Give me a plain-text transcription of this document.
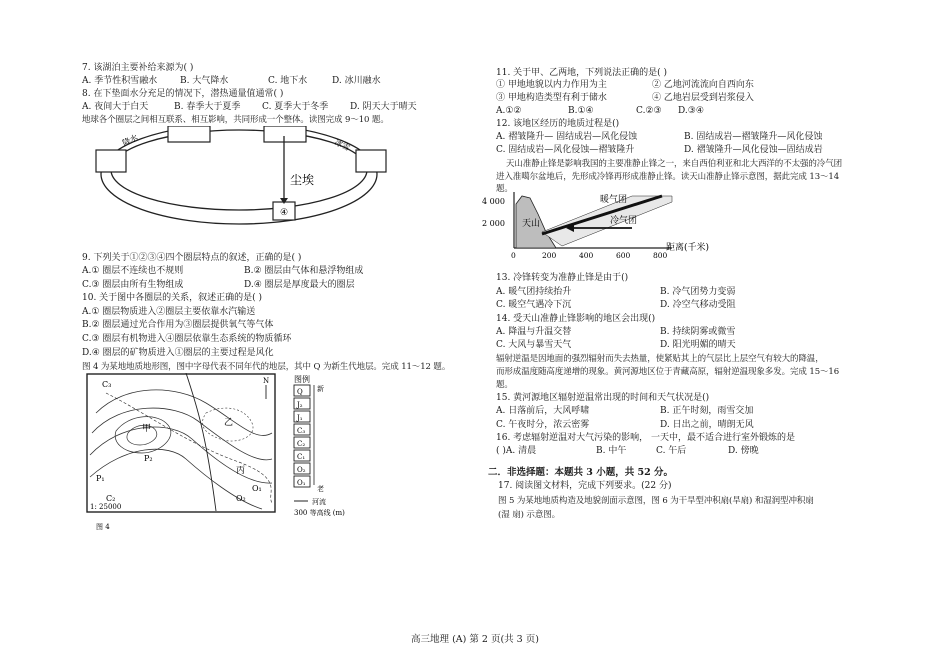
7. 该湖泊主要补给来源为( )
A. 季节性积雪融水	B. 大气降水	C. 地下水	D. 冰川融水
8. 在下垫面水分充足的情况下，潜热通量值通常( )
A. 夜间大于白天	B. 春季大于夏季 C. 夏季大于冬季 D. 阴天大于晴天
地球各个圈层之间相互联系、相互影响，共同形成一个整体。读图完成 9～10 题。
尘埃
④
降水	冰雪
9. 下列关于①②③④四个圈层特点的叙述，正确的是( )
A.① 圈层不连续也不规则	B.② 圈层由气体和悬浮物组成
C.③ 圈层由所有生物组成	D.④ 圈层是厚度最大的圈层
10. 关于图中各圈层的关系，叙述正确的是( )
A.① 圈层物质进入②圈层主要依靠水汽输送
B.② 圈层通过光合作用为③圈层提供氧气等气体
C.③ 圈层有机物进入④圈层依靠生态系统的物质循环
D.④ 圈层的矿物质进入①圈层的主要过程是风化
图 4 为某地地质地形图，图中字母代表不同年代的地层，其中 Q 为新生代地层。完成 11～12 题。
C₃
甲
乙
丙
P₁
P₂
C₂	O₂
O₁
1: 25000
N
图 4
图例
Q
J₂
J₁
C₃
C₂
C₁
O₂
O₁
新
老
河流
300 等高线 (m)
11. 关于甲、乙两地，下列说法正确的是( )
① 甲地地貌以内力作用为主	② 乙地河流流向自西向东
③ 甲地构造类型有利于储水	④ 乙地岩层受到岩浆侵入
A.①②	B.①④	C.②③ D.③④
12. 该地区经历的地质过程是()
A. 褶皱隆升— 固结成岩—风化侵蚀	B. 固结成岩—褶皱隆升—风化侵蚀
C. 固结成岩—风化侵蚀—褶皱隆升	D. 褶皱隆升—风化侵蚀—固结成岩
天山准静止锋是影响我国的主要准静止锋之一，来自西伯利亚和北大西洋的不太强的冷气团
进入准噶尔盆地后，先形成冷锋再形成准静止锋。读天山准静止锋示意图，据此完成 13～14
题。
4 000
2 000 天山
暖气团
冷气团
0	200	400	600	800
距离(千米)
13. 冷锋转变为准静止锋是由于()
A. 暖气团持续抬升	B. 冷气团势力变弱
C. 暖空气遇冷下沉	D. 冷空气移动受阻
14. 受天山准静止锋影响的地区会出现()
A. 降温与升温交替	B. 持续阴雾或微雪
C. 大风与暴雪天气	D. 阳光明媚的晴天
辐射逆温是因地面的强烈辐射而失去热量，使紧贴其上的气层比上层空气有较大的降温，
而形成温度随高度递增的现象。黄河源地区位于青藏高原，辐射逆温现象多发。完成 15～16
题。
15. 黄河源地区辐射逆温常出现的时间和天气状况是()
A. 日落前后，大风呼啸	B. 正午时刻，雨雪交加
C. 午夜时分，浓云密雾	D. 日出之前，晴朗无风
16. 考虑辐射逆温对大气污染的影响， 一天中，最不适合进行室外锻炼的是
( )A. 清晨	B. 中午	C. 午后	D. 傍晚
二．非选择题：本题共 3 小题，共 52 分。
17. 阅读图文材料，完成下列要求。(22 分)
图 5 为某地地质构造及地貌剖面示意图，图 6 为干旱型冲积扇(旱扇) 和湿润型冲积扇
(湿 扇) 示意图。
高三地理 (A) 第 2 页(共 3 页)
